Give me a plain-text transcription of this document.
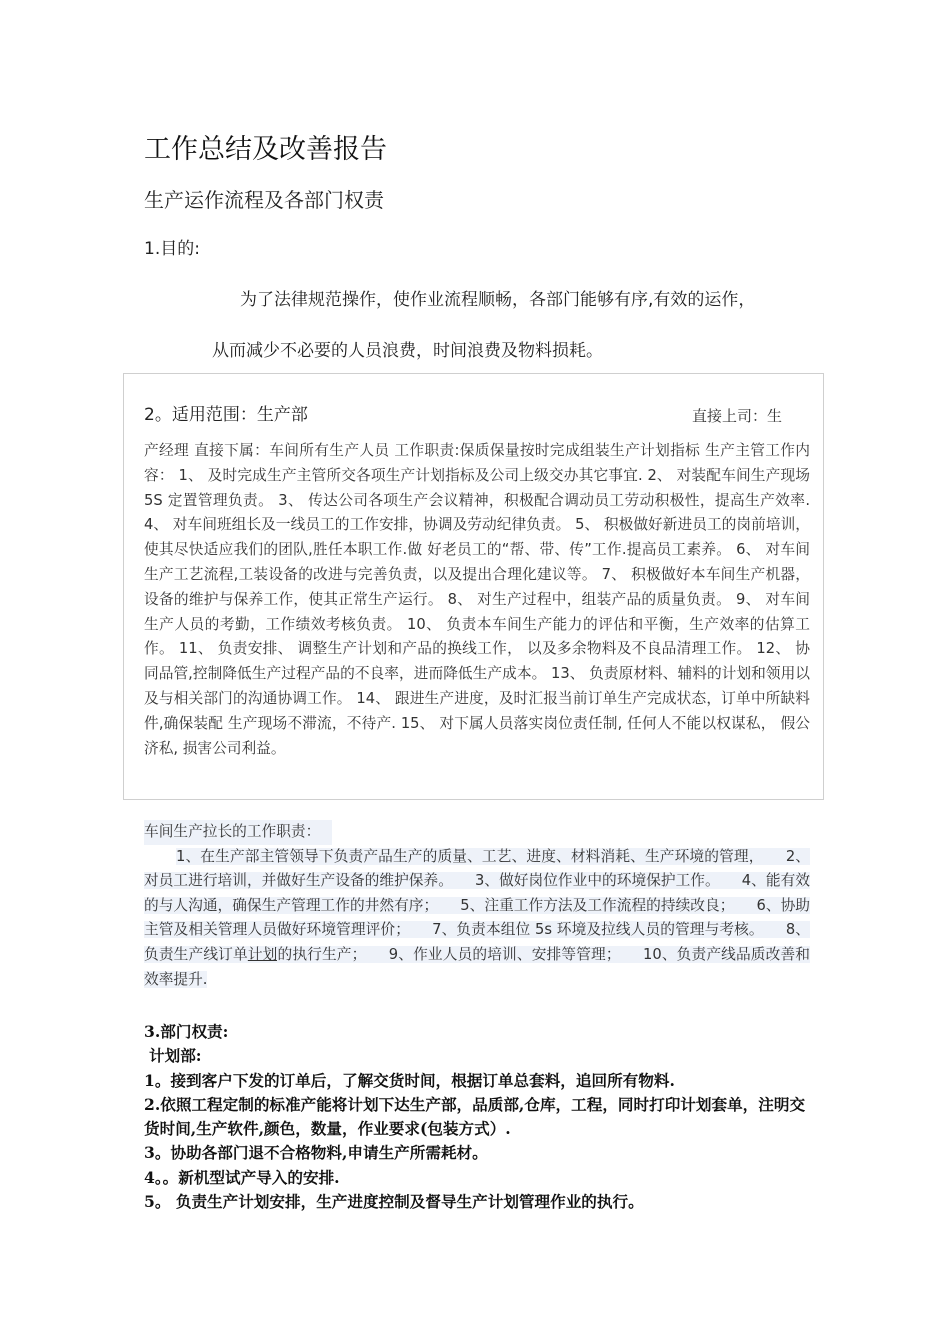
工作总结及改善报告
生产运作流程及各部门权责
1.目的:
为了法律规范操作，使作业流程顺畅，各部门能够有序,有效的运作，
从而减少不必要的人员浪费，时间浪费及物料损耗。
2。适用范围：生产部	直接上司：生
产经理 直接下属：车间所有生产人员 工作职责:保质保量按时完成组装生产计划指标 生产主管工作内容： 1、 及时完成生产主管所交各项生产计划指标及公司上级交办其它事宜. 2、 对装配车间生产现场 5S 定置管理负责。 3、 传达公司各项生产会议精神，积极配合调动员工劳动积极性，提高生产效率. 4、 对车间班组长及一线员工的工作安排，协调及劳动纪律负责。 5、 积极做好新进员工的岗前培训，使其尽快适应我们的团队,胜任本职工作.做 好老员工的“帮、带、传”工作.提高员工素养。 6、 对车间生产工艺流程,工装设备的改进与完善负责，以及提出合理化建议等。 7、 积极做好本车间生产机器，设备的维护与保养工作，使其正常生产运行。 8、 对生产过程中，组装产品的质量负责。 9、 对车间生产人员的考勤，工作绩效考核负责。 10、 负责本车间生产能力的评估和平衡，生产效率的估算工作。 11、 负责安排、 调整生产计划和产品的换线工作， 以及多余物料及不良品清理工作。 12、 协同品管,控制降低生产过程产品的不良率，进而降低生产成本。 13、 负责原材料、辅料的计划和领用以及与相关部门的沟通协调工作。 14、 跟进生产进度，及时汇报当前订单生产完成状态，订单中所缺料件,确保装配 生产现场不滞流，不待产. 15、 对下属人员落实岗位责任制, 任何人不能以权谋私， 假公济私, 损害公司利益。
车间生产拉长的工作职责：
1、在生产部主管领导下负责产品生产的质量、工艺、进度、材料消耗、生产环境的管理，　　2、对员工进行培训，并做好生产设备的维护保养。　　3、做好岗位作业中的环境保护工作。　　4、能有效的与人沟通，确保生产管理工作的井然有序；　　5、注重工作方法及工作流程的持续改良；　　6、协助主管及相关管理人员做好环境管理评价；　　7、负责本组位 5s 环境及拉线人员的管理与考核。　　8、负责生产线订单计划的执行生产；　　9、作业人员的培训、安排等管理；　　10、负责产线品质改善和效率提升.

3.部门权责:

计划部:

1。接到客户下发的订单后，了解交货时间，根据订单总套料，追回所有物料.

2.依照工程定制的标准产能将计划下达生产部，品质部,仓库，工程，同时打印计划套单，注明交货时间,生产软件,颜色，数量，作业要求(包装方式）.

3。协助各部门退不合格物料,申请生产所需耗材。

4。。新机型试产导入的安排.

5。 负责生产计划安排，生产进度控制及督导生产计划管理作业的执行。
